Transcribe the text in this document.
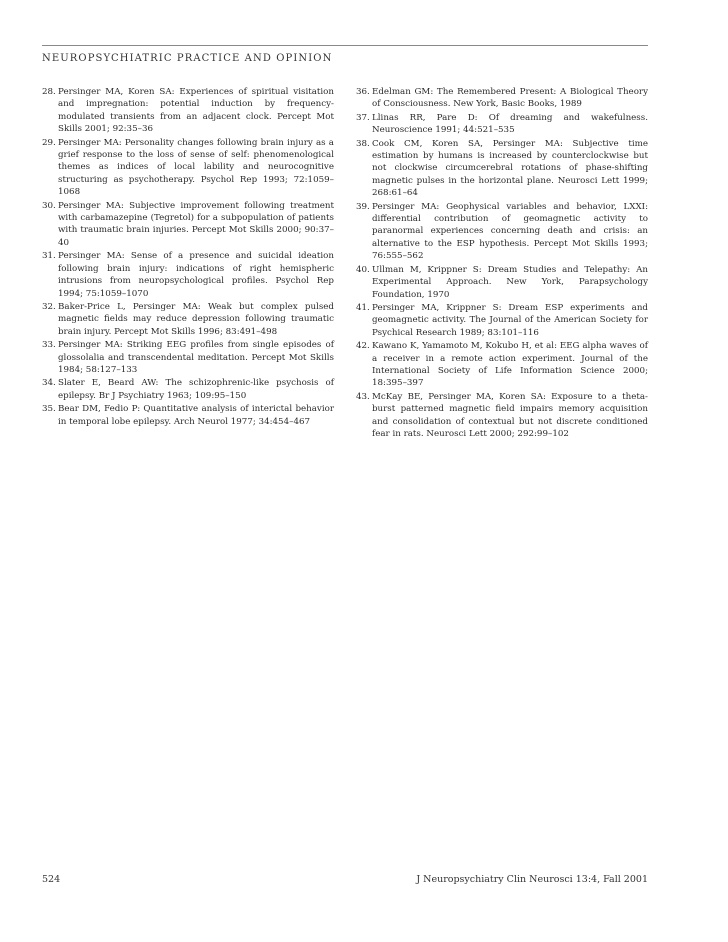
NEUROPSYCHIATRIC PRACTICE AND OPINION
28. Persinger MA, Koren SA: Experiences of spiritual visitation and impregnation: potential induction by frequency-modulated transients from an adjacent clock. Percept Mot Skills 2001; 92:35–36
29. Persinger MA: Personality changes following brain injury as a grief response to the loss of sense of self: phenomenological themes as indices of local lability and neurocognitive structuring as psychotherapy. Psychol Rep 1993; 72:1059–1068
30. Persinger MA: Subjective improvement following treatment with carbamazepine (Tegretol) for a subpopulation of patients with traumatic brain injuries. Percept Mot Skills 2000; 90:37–40
31. Persinger MA: Sense of a presence and suicidal ideation following brain injury: indications of right hemispheric intrusions from neuropsychological profiles. Psychol Rep 1994; 75:1059–1070
32. Baker-Price L, Persinger MA: Weak but complex pulsed magnetic fields may reduce depression following traumatic brain injury. Percept Mot Skills 1996; 83:491–498
33. Persinger MA: Striking EEG profiles from single episodes of glossolalia and transcendental meditation. Percept Mot Skills 1984; 58:127–133
34. Slater E, Beard AW: The schizophrenic-like psychosis of epilepsy. Br J Psychiatry 1963; 109:95–150
35. Bear DM, Fedio P: Quantitative analysis of interictal behavior in temporal lobe epilepsy. Arch Neurol 1977; 34:454–467
36. Edelman GM: The Remembered Present: A Biological Theory of Consciousness. New York, Basic Books, 1989
37. Llinas RR, Pare D: Of dreaming and wakefulness. Neuroscience 1991; 44:521–535
38. Cook CM, Koren SA, Persinger MA: Subjective time estimation by humans is increased by counterclockwise but not clockwise circumcerebral rotations of phase-shifting magnetic pulses in the horizontal plane. Neurosci Lett 1999; 268:61–64
39. Persinger MA: Geophysical variables and behavior, LXXI: differential contribution of geomagnetic activity to paranormal experiences concerning death and crisis: an alternative to the ESP hypothesis. Percept Mot Skills 1993; 76:555–562
40. Ullman M, Krippner S: Dream Studies and Telepathy: An Experimental Approach. New York, Parapsychology Foundation, 1970
41. Persinger MA, Krippner S: Dream ESP experiments and geomagnetic activity. The Journal of the American Society for Psychical Research 1989; 83:101–116
42. Kawano K, Yamamoto M, Kokubo H, et al: EEG alpha waves of a receiver in a remote action experiment. Journal of the International Society of Life Information Science 2000; 18:395–397
43. McKay BE, Persinger MA, Koren SA: Exposure to a theta-burst patterned magnetic field impairs memory acquisition and consolidation of contextual but not discrete conditioned fear in rats. Neurosci Lett 2000; 292:99–102
524	J Neuropsychiatry Clin Neurosci 13:4, Fall 2001
